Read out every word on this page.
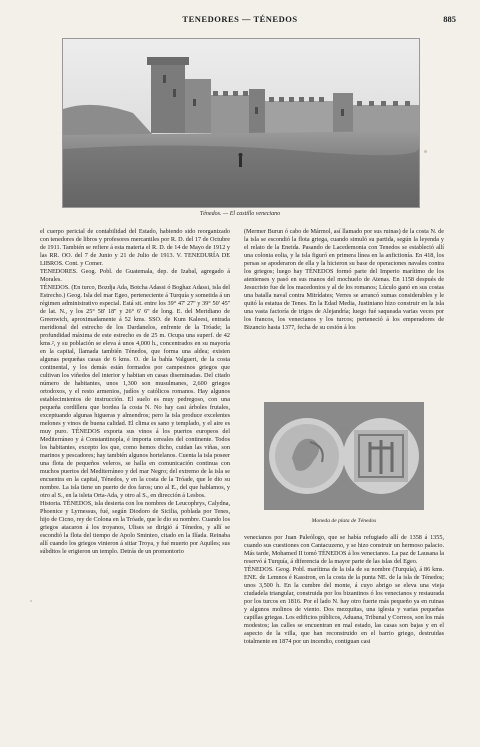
TENEDORES — TÉNEDOS	885
Ténedos. — El castillo veneciano

el cuerpo pericial de contabilidad del Estado, habiendo sido reorganizado con tenedores de libros y profesores mercantiles por R. D. del 17 de Octubre de 1911. También se refiere á esta materia el R. D. de 14 de Mayo de 1912 y las RR. OO. del 7 de Junio y 21 de Julio de 1913. V. TENEDURÍA DE LIBROS. Cont. y Comer.

TENEDORES. Geog. Pobl. de Guatemala, dep. de Izabal, agregado á Morales.

TÉNEDOS. (En turco, Bozdja Ada, Botcha Adassi ó Boghaz Adassi, isla del Estrecho.) Geog. Isla del mar Egeo, perteneciente á Turquía y sometida á un régimen administrativo especial. Está sit. entre los 39° 47' 27'' y 39° 50' 45'' de lat. N., y los 25° 58' 18'' y 26° 6' 6'' de long. E. del Meridiano de Greenwich, aproximadamente á 52 kms. SSO. de Kum Kaleesi, entrada meridional del estrecho de los Dardanelos, enfrente de la Tróade; la profundidad máxima de este estrecho es de 25 m. Ocupa una superf. de 42 kms.², y su población se eleva á unos 4,000 h., concentrados en su mayoría en la capital, llamada también Ténedos, que forma una aldea; existen algunas pequeñas casas de 6 kms. O. de la bahía Valgueri, de la costa continental, y los demás están formados por campesinos griegos que cultivan los viñedos del interior y habitan en casas diseminadas. Del citado número de habitantes, unos 1,300 son musulmanes, 2,600 griegos ortodoxos, y el resto armenios, judíos y católicos romanos. Hay algunos establecimientos de instrucción. El suelo es muy pedregoso, con una pequeña cordillera que bordea la costa N. No hay casi árboles frutales, exceptuando algunas higueras y almendros; pero la isla produce excelentes melones y vinos de buena calidad. El clima es sano y templado, y el aire es muy puro. TÉNEDOS exporta sus vinos á los puertos europeos del Mediterráneo y á Constantinopla, é importa cereales del continente. Todos los habitantes, excepto los que, como hemos dicho, cuidan las viñas, son marinos y pescadores; hay también algunos hortelanos. Cuenta la isla poseer una flota de pequeños veleros, se halla en comunicación continua con muchos puertos del Mediterráneo y del mar Negro; del extremo de la isla se encuentra en la capital, Ténedos, y en la costa de la Tróade, que le dio su nombre. La isla tiene un puerto de dos faros; uno al E., del que hablamos, y otro al S., en la isleta Orta-Ada, y otro al S., en dirección á Lesbos.

Historia. TÉNEDOS, isla desierta con los nombres de Leucophrys, Calydna, Phoenice y Lyrnessus, fué, según Diodoro de Sicilia, poblada por Tenes, hijo de Cicno, rey de Colona en la Tróade, que le dio su nombre. Cuando los griegos atacaron á los troyanos, Ulises se dirigió á Ténedos, y allí se escondió la flota del tiempo de Apolo Sminteo, citado en la Ilíada. Reinaba allí cuando los griegos vinieron á sitiar Troya, y fué muerto por Aquiles; sus súbditos le erigieron un templo. Detrás de un promontorio

(Mermer Burun ó cabo de Mármol, así llamado por sus ruinas) de la costa N. de la isla se escondió la flota griega, cuando simuló su partida, según la leyenda y el relato de la Eneida. Pasando de Lacedemonia con Tenedos se estableció allí una colonia eolia, y la isla figuró en primera línea en la anfictionía. En 418, los persas se apoderaron de ella y la hicieron su base de operaciones navales contra los griegos; luego hay TÉNEDOS formó parte del Imperio marítimo de los atenienses y pasó en sus manos del mochuelo de Atenas. En 1158 después de Jesucristo fue de los macedonios y al de los romanos; Lúculo ganó en sus costas una batalla naval contra Mitrídates; Verres se arrancó sumas considerables y le quitó la estatua de Tenes. En la Edad Media, Justiniano hizo construir en la isla una vasta factoría de trigos de Alejandría; luego fué saqueada varias veces por los francos, los venecianos y los turcos; perteneció á los emperadores de Bizancio hasta 1377, fecha de su cesión á los

Moneda de plata de Ténedos

venecianos por Juan Paleólogo, que se había refugiado allí de 1358 á 1355, cuando sus cuestiones con Cantacuzeno, y se hizo construir un hermoso palacio. Más tarde, Mohamed II tomó TÉNEDOS á los venecianos. La paz de Lausana la reservó á Turquía, á diferencia de la mayor parte de las islas del Egeo.

TÉNEDOS. Geog. Pobl. marítima de la isla de su nombre (Turquía), á 86 kms. ENE. de Lemnos é Kasstron, en la costa de la punta NE. de la isla de Ténedos; unos 3,500 h. En la cumbre del monte, á cuyo abrigo se eleva una vieja ciudadela triangular, construida por los bizantinos ó los venecianos y restaurada por los turcos en 1816. Por el lado N. hay otro fuerte más pequeño ya en ruinas y algunos molinos de viento. Dos mezquitas, una iglesia y varias pequeñas capillas griegas. Los edificios públicos, Aduana, Tribunal y Correos, son los más modestos; las calles se encuentran en mal estado, las casas son bajas y en el aspecto de la villa, que han reconstruido en el barrio griego, destruidas totalmente en 1874 por un incendio, contiguan casi
